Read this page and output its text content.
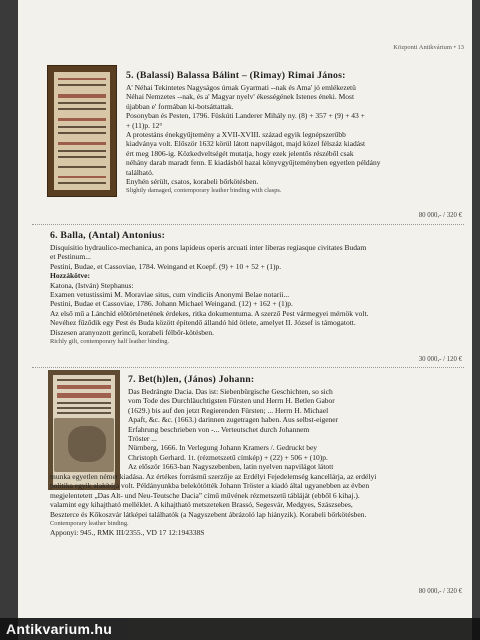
Központi Antikvárium • 13
5. (Balassi) Balassa Bálint – (Rimay) Rimai János:

A' Néhai Tekintetes Nagyságos úrnak Gyarmati --nak és Ama' jó emlékezetü

Néhai Nemzetes --nak, és a' Magyar nyelv' ékességének Istenes éneki. Most

újabban e' formában ki-botsáttattak.

Posonyban és Pesten, 1796. Füskúti Landerer Mihály ny. (8) + 357 + (9) + 43 +

+ (11)p. 12°

A protestáns énekgyűjtemény a XVII-XVIII. század egyik legnépszerűbb

kiadványa volt. Először 1632 körül látott napvilágot, majd közel félszáz kiadást

ért meg 1806-ig. Közkedveltségét mutatja, hogy ezek jelentős részéből csak

néhány darab maradt fenn. E kiadásból hazai könyvgyűjteményben egyetlen példány

található.

Enyhén sérült, csatos, korabeli bőrkötésben.

Slightly damaged, contemporary leather binding with clasps.

80 000,- / 320 €
6. Balla, (Antal) Antonius:

Disquisitio hydraulico-mechanica, an pons lapideus operis arcuati inter liberas regiasque civitates Budam

et Pestinum...

Pestini, Budae, et Cassoviae, 1784. Weingand et Koepf. (9) + 10 + 52 + (1)p.

Hozzákötve:

Katona, (István) Stephanus:

Examen vetustissimi M. Moraviae situs, cum vindiciis Anonymi Belae notarii...

Pestini, Budae et Cassoviae, 1786. Johann Michael Weingand. (12) + 162 + (1)p.

Az első mű a Lánchíd előtörténetének érdekes, ritka dokumentuma. A szerző Pest vármegyei mérnök volt.

Nevéhez fűződik egy Pest és Buda között építendő állandó híd ötlete, amelyet II. József is támogatott.

Díszesen aranyozott gerincű, korabeli félbőr-kötésben.

Richly gilt, contemporary half leather binding.

30 000,- / 120 €
7. Bet(h)len, (János) Johann:

Das Bedrängte Dacia. Das ist: Siebenbürgische Geschichten, so sich

vom Tode des Durchläuchtigsten Fürsten und Herrn H. Betlen Gabor

(1629.) bis auf den jetzt Regierenden Fürsten; ... Herrn H. Michael

Apaft, &c. &c. (1663.) darinnen zugetragen haben. Aus selbst-eigener

Erfahrung beschrieben von -... Verteutschet durch Johannem

Tröster ...

Nürnberg, 1666. In Verlegung Johann Kramers /. Gedruckt bey

Christoph Gerhard. 1t. (rézmetszetű címkép) + (22) + 506 + (10)p.

Az először 1663-ban Nagyszebenben, latin nyelven napvilágot látott

munka egyetlen német kiadása. Az értékes forrásmű szerzője az Erdélyi Fejedelemség kancellárja, az erdélyi

politika egyik alakítója volt. Példányunkba belekötötték Johann Tröster a kiadó által ugyanebben az évben

megjelentetett „Das Alt- und Neu-Teutsche Dacia” című művének rézmetszetű tábláját (ebből 6 kihaj.).

valamint egy kihajtható melléklet. A kihajtható metszeteken Brassó, Segesvár, Medgyes, Szászsebes,

Beszterce és Kőkoszvár látképei találhatók (a Nagyszebent ábrázoló lap hiányzik). Korabeli bőrkötésben.

Contemporary leather binding.

Apponyi: 945., RMK III/2355., VD 17 12:194338S

80 000,- / 320 €
Antikvarium.hu
